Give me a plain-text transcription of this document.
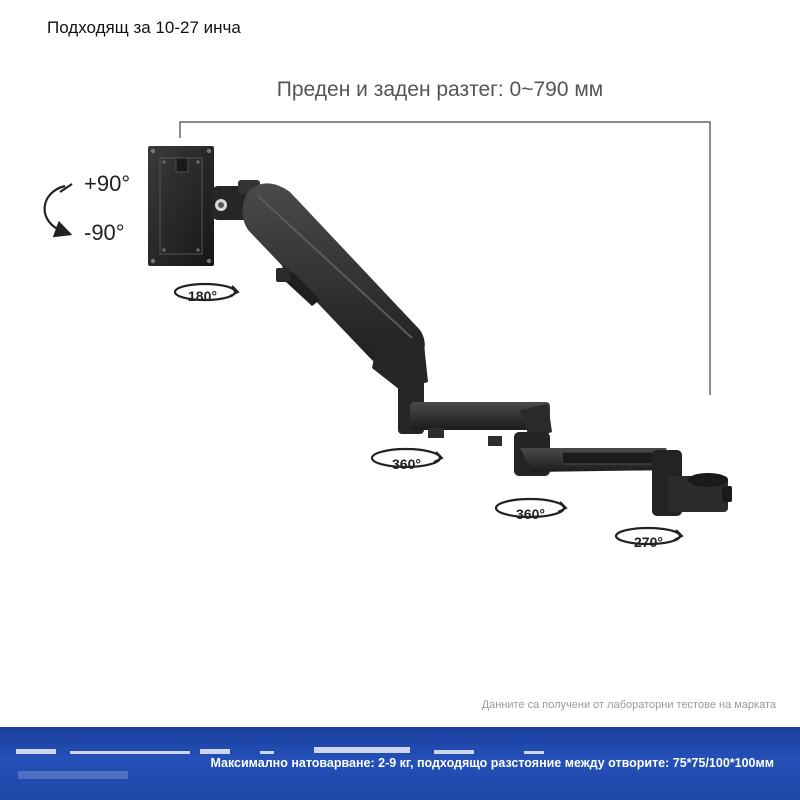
Подходящ за 10-27 инча
Преден и заден разтег: 0~790 мм
+90°
-90°
180°
360°
360°
270°
Данните са получени от лабораторни тестове на марката
Максимално натоварване: 2-9 кг, подходящо разстояние между отворите: 75*75/100*100мм
